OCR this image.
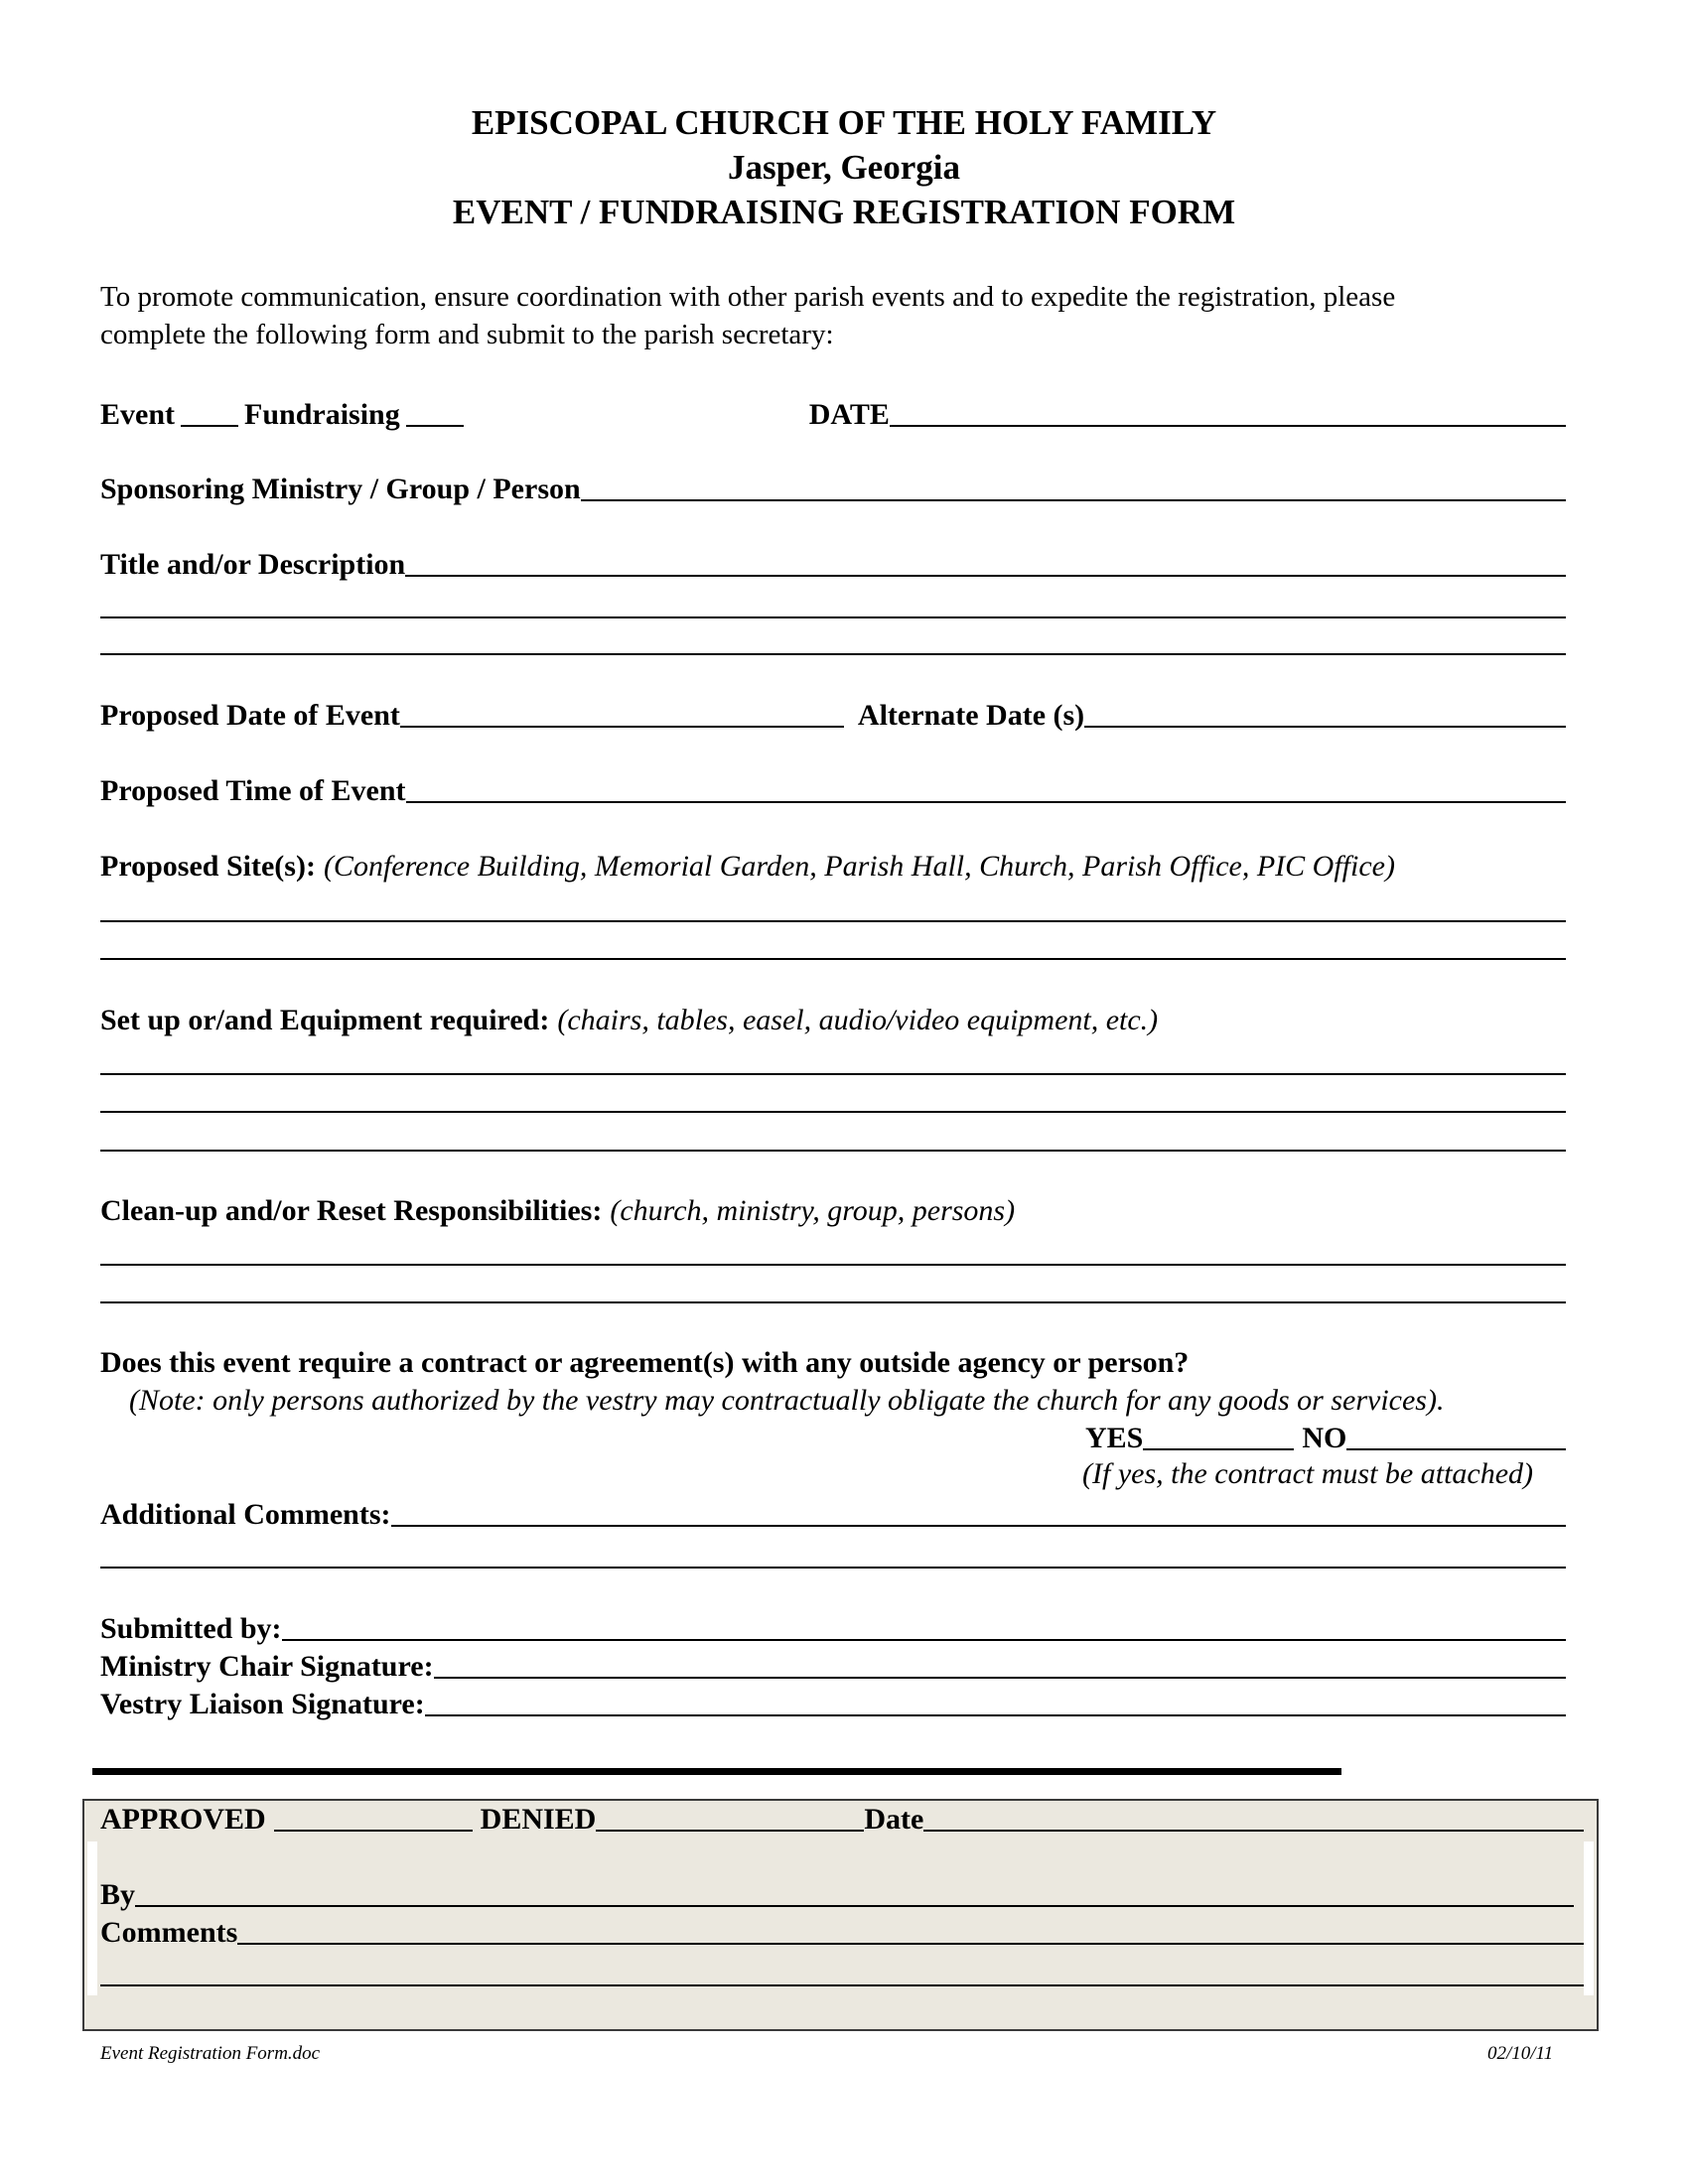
EPISCOPAL CHURCH OF THE HOLY FAMILY
Jasper, Georgia
EVENT / FUNDRAISING REGISTRATION FORM
To promote communication, ensure coordination with other parish events and to expedite the registration, please
complete the following form and submit to the parish secretary:
Event Fundraising	DATE
Sponsoring Ministry / Group / Person
Title and/or Description
Proposed Date of Event	Alternate Date (s)
Proposed Time of Event
Proposed Site(s): (Conference Building, Memorial Garden, Parish Hall, Church, Parish Office, PIC Office)
Set up or/and Equipment required: (chairs, tables, easel, audio/video equipment, etc.)
Clean-up and/or Reset Responsibilities: (church, ministry, group, persons)
Does this event require a contract or agreement(s) with any outside agency or person?
(Note: only persons authorized by the vestry may contractually obligate the church for any goods or services).
YES	NO
(If yes, the contract must be attached)
Additional Comments:
Submitted by:
Ministry Chair Signature:
Vestry Liaison Signature:
APPROVED	DENIED	Date
By
Comments
Event Registration Form.doc	02/10/11
